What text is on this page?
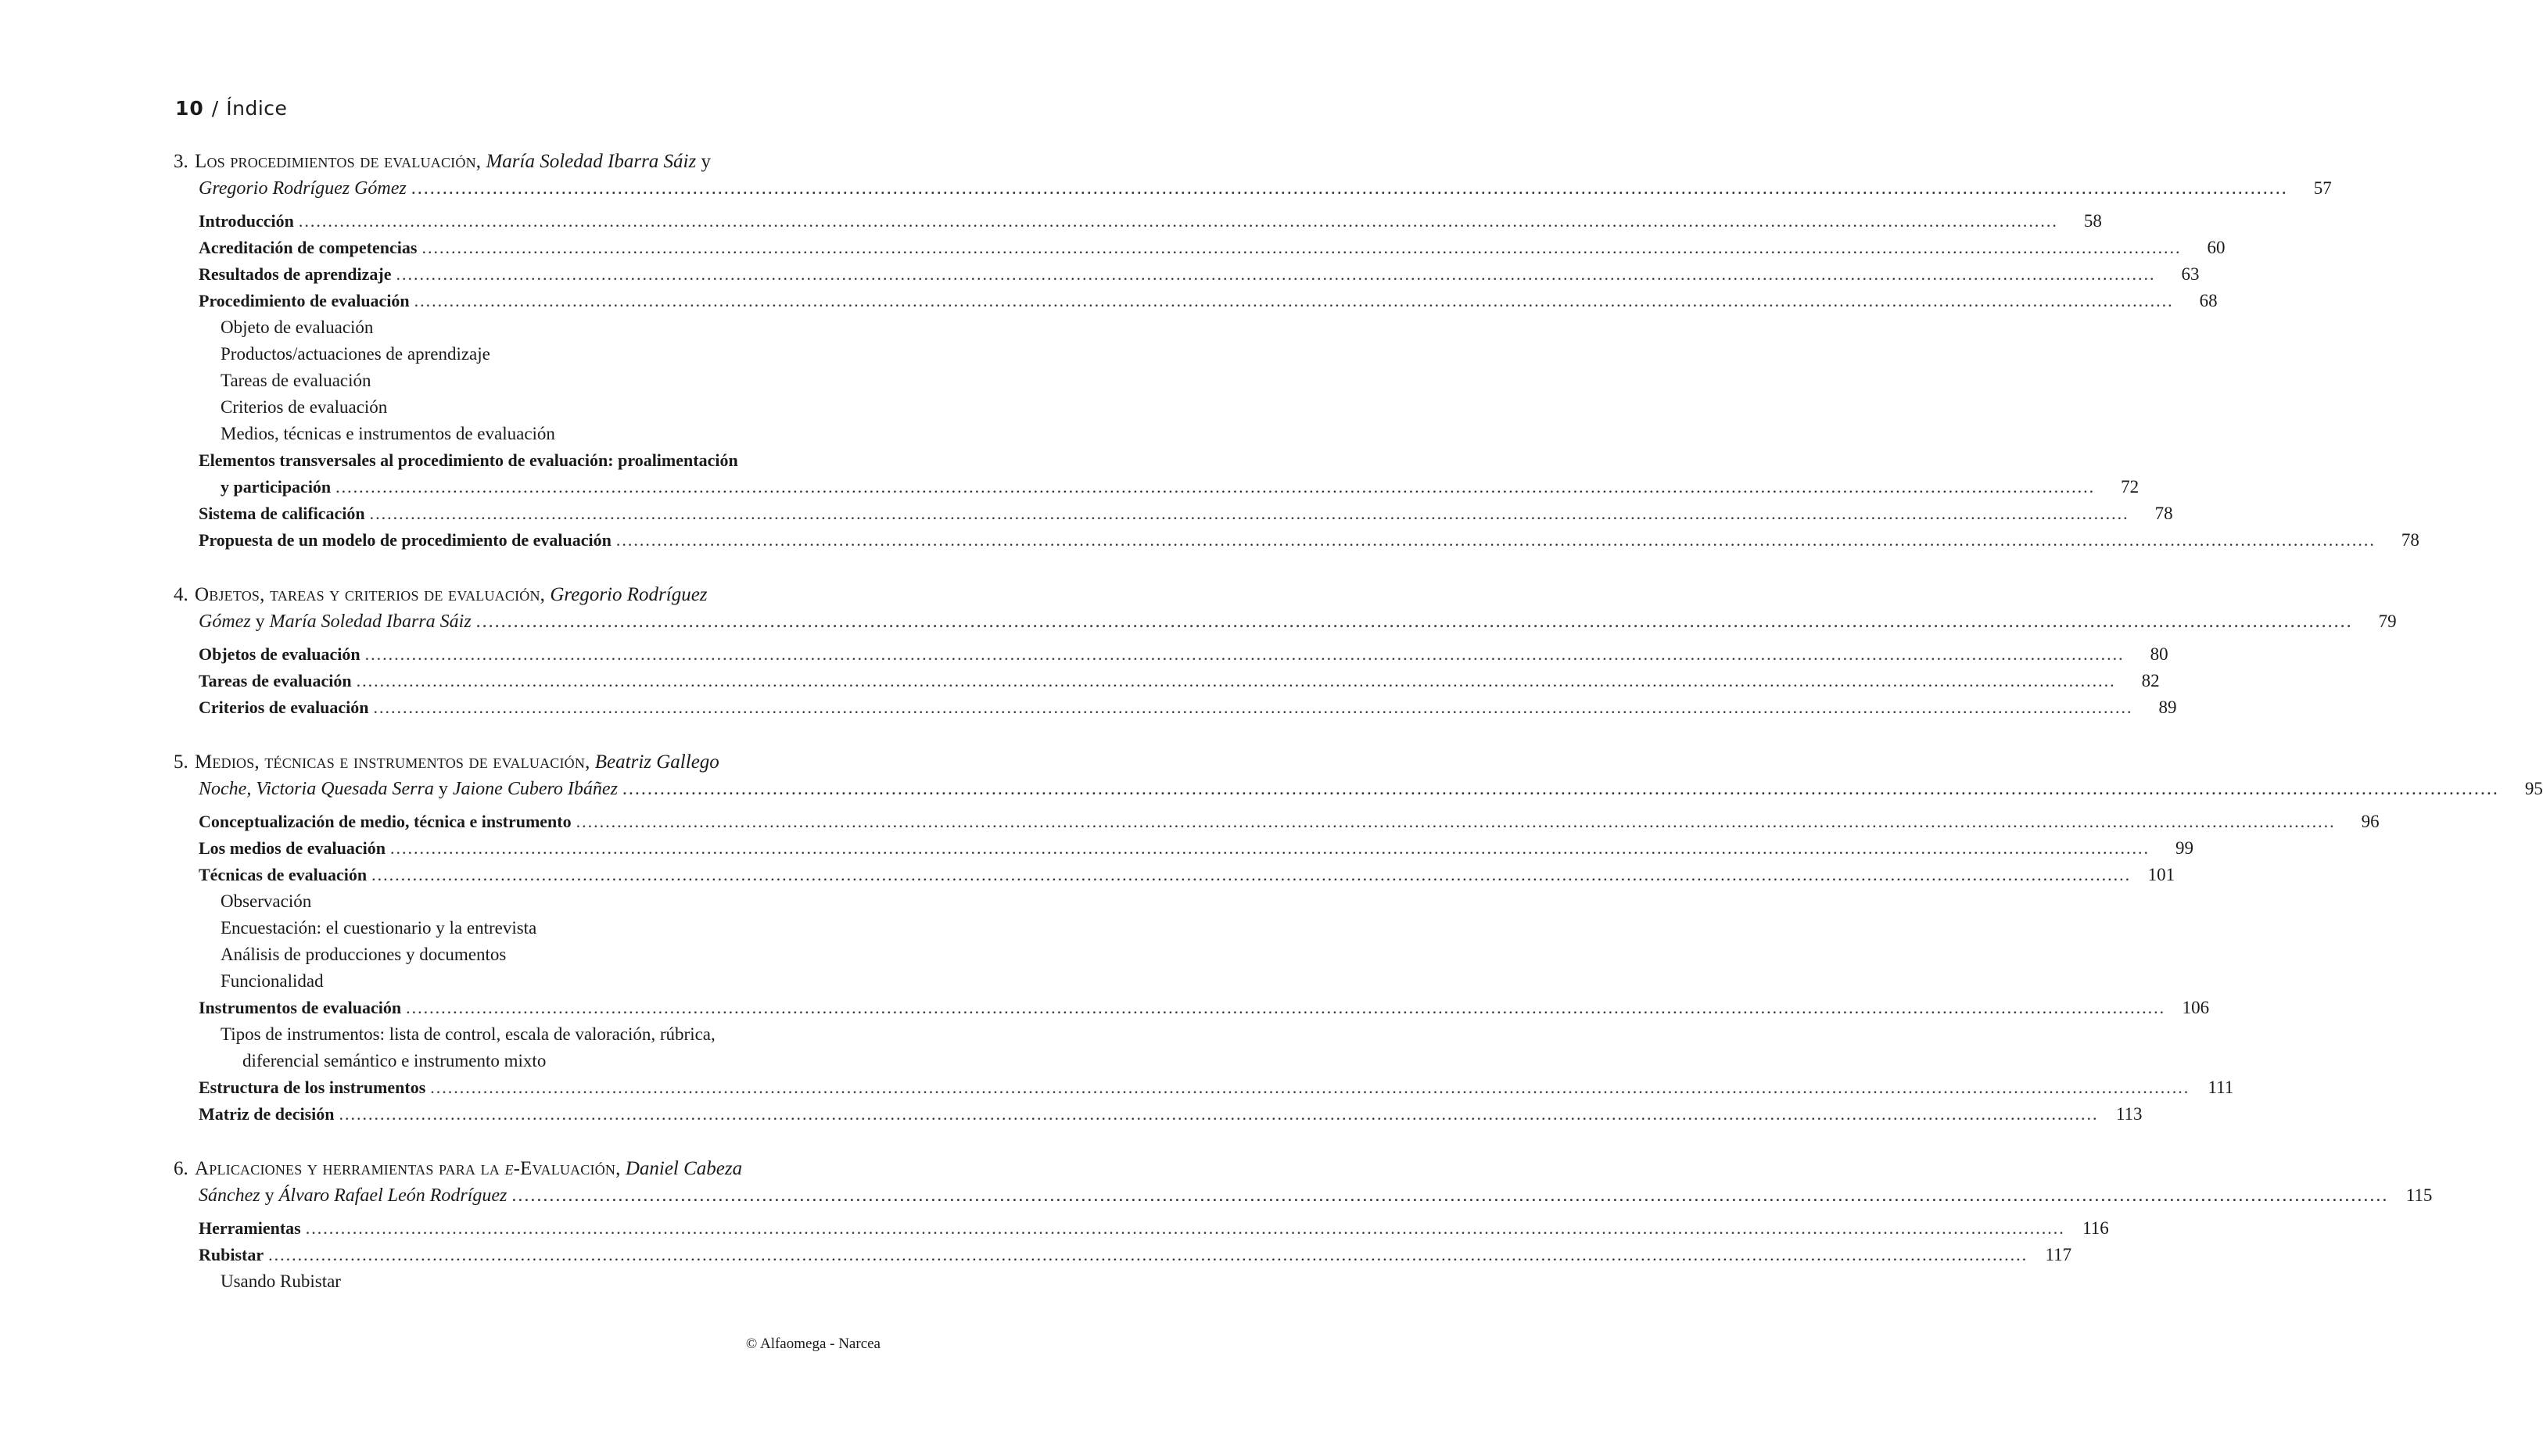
10 / Índice
3. Los procedimientos de evaluación, María Soledad Ibarra Sáiz y
Gregorio Rodríguez Gómez ............................................................................................................................................................................................................................................................................................................	57
Introducción ............................................................................................................................................................................................................................................................................................................	58
Acreditación de competencias ............................................................................................................................................................................................................................................................................................................	60
Resultados de aprendizaje ............................................................................................................................................................................................................................................................................................................	63
Procedimiento de evaluación ............................................................................................................................................................................................................................................................................................................	68
Objeto de evaluación
Productos/actuaciones de aprendizaje
Tareas de evaluación
Criterios de evaluación
Medios, técnicas e instrumentos de evaluación
Elementos transversales al procedimiento de evaluación: proalimentación
y participación ............................................................................................................................................................................................................................................................................................................	72
Sistema de calificación ............................................................................................................................................................................................................................................................................................................	78
Propuesta de un modelo de procedimiento de evaluación ............................................................................................................................................................................................................................................................................................................	78
4. Objetos, tareas y criterios de evaluación, Gregorio Rodríguez
Gómez y María Soledad Ibarra Sáiz ............................................................................................................................................................................................................................................................................................................	79
Objetos de evaluación ............................................................................................................................................................................................................................................................................................................	80
Tareas de evaluación ............................................................................................................................................................................................................................................................................................................	82
Criterios de evaluación ............................................................................................................................................................................................................................................................................................................	89
5. Medios, técnicas e instrumentos de evaluación, Beatriz Gallego
Noche, Victoria Quesada Serra y Jaione Cubero Ibáñez ............................................................................................................................................................................................................................................................................................................	95
Conceptualización de medio, técnica e instrumento ............................................................................................................................................................................................................................................................................................................	96
Los medios de evaluación ............................................................................................................................................................................................................................................................................................................	99
Técnicas de evaluación ............................................................................................................................................................................................................................................................................................................ 101
Observación
Encuestación: el cuestionario y la entrevista
Análisis de producciones y documentos
Funcionalidad
Instrumentos de evaluación ............................................................................................................................................................................................................................................................................................................ 106
Tipos de instrumentos: lista de control, escala de valoración, rúbrica,
diferencial semántico e instrumento mixto
Estructura de los instrumentos ............................................................................................................................................................................................................................................................................................................	111
Matriz de decisión ............................................................................................................................................................................................................................................................................................................ 113
6. Aplicaciones y herramientas para la e-Evaluación, Daniel Cabeza
Sánchez y Álvaro Rafael León Rodríguez ............................................................................................................................................................................................................................................................................................................ 115
Herramientas ............................................................................................................................................................................................................................................................................................................ 116
Rubistar ............................................................................................................................................................................................................................................................................................................ 117
Usando Rubistar
© Alfaomega - Narcea
